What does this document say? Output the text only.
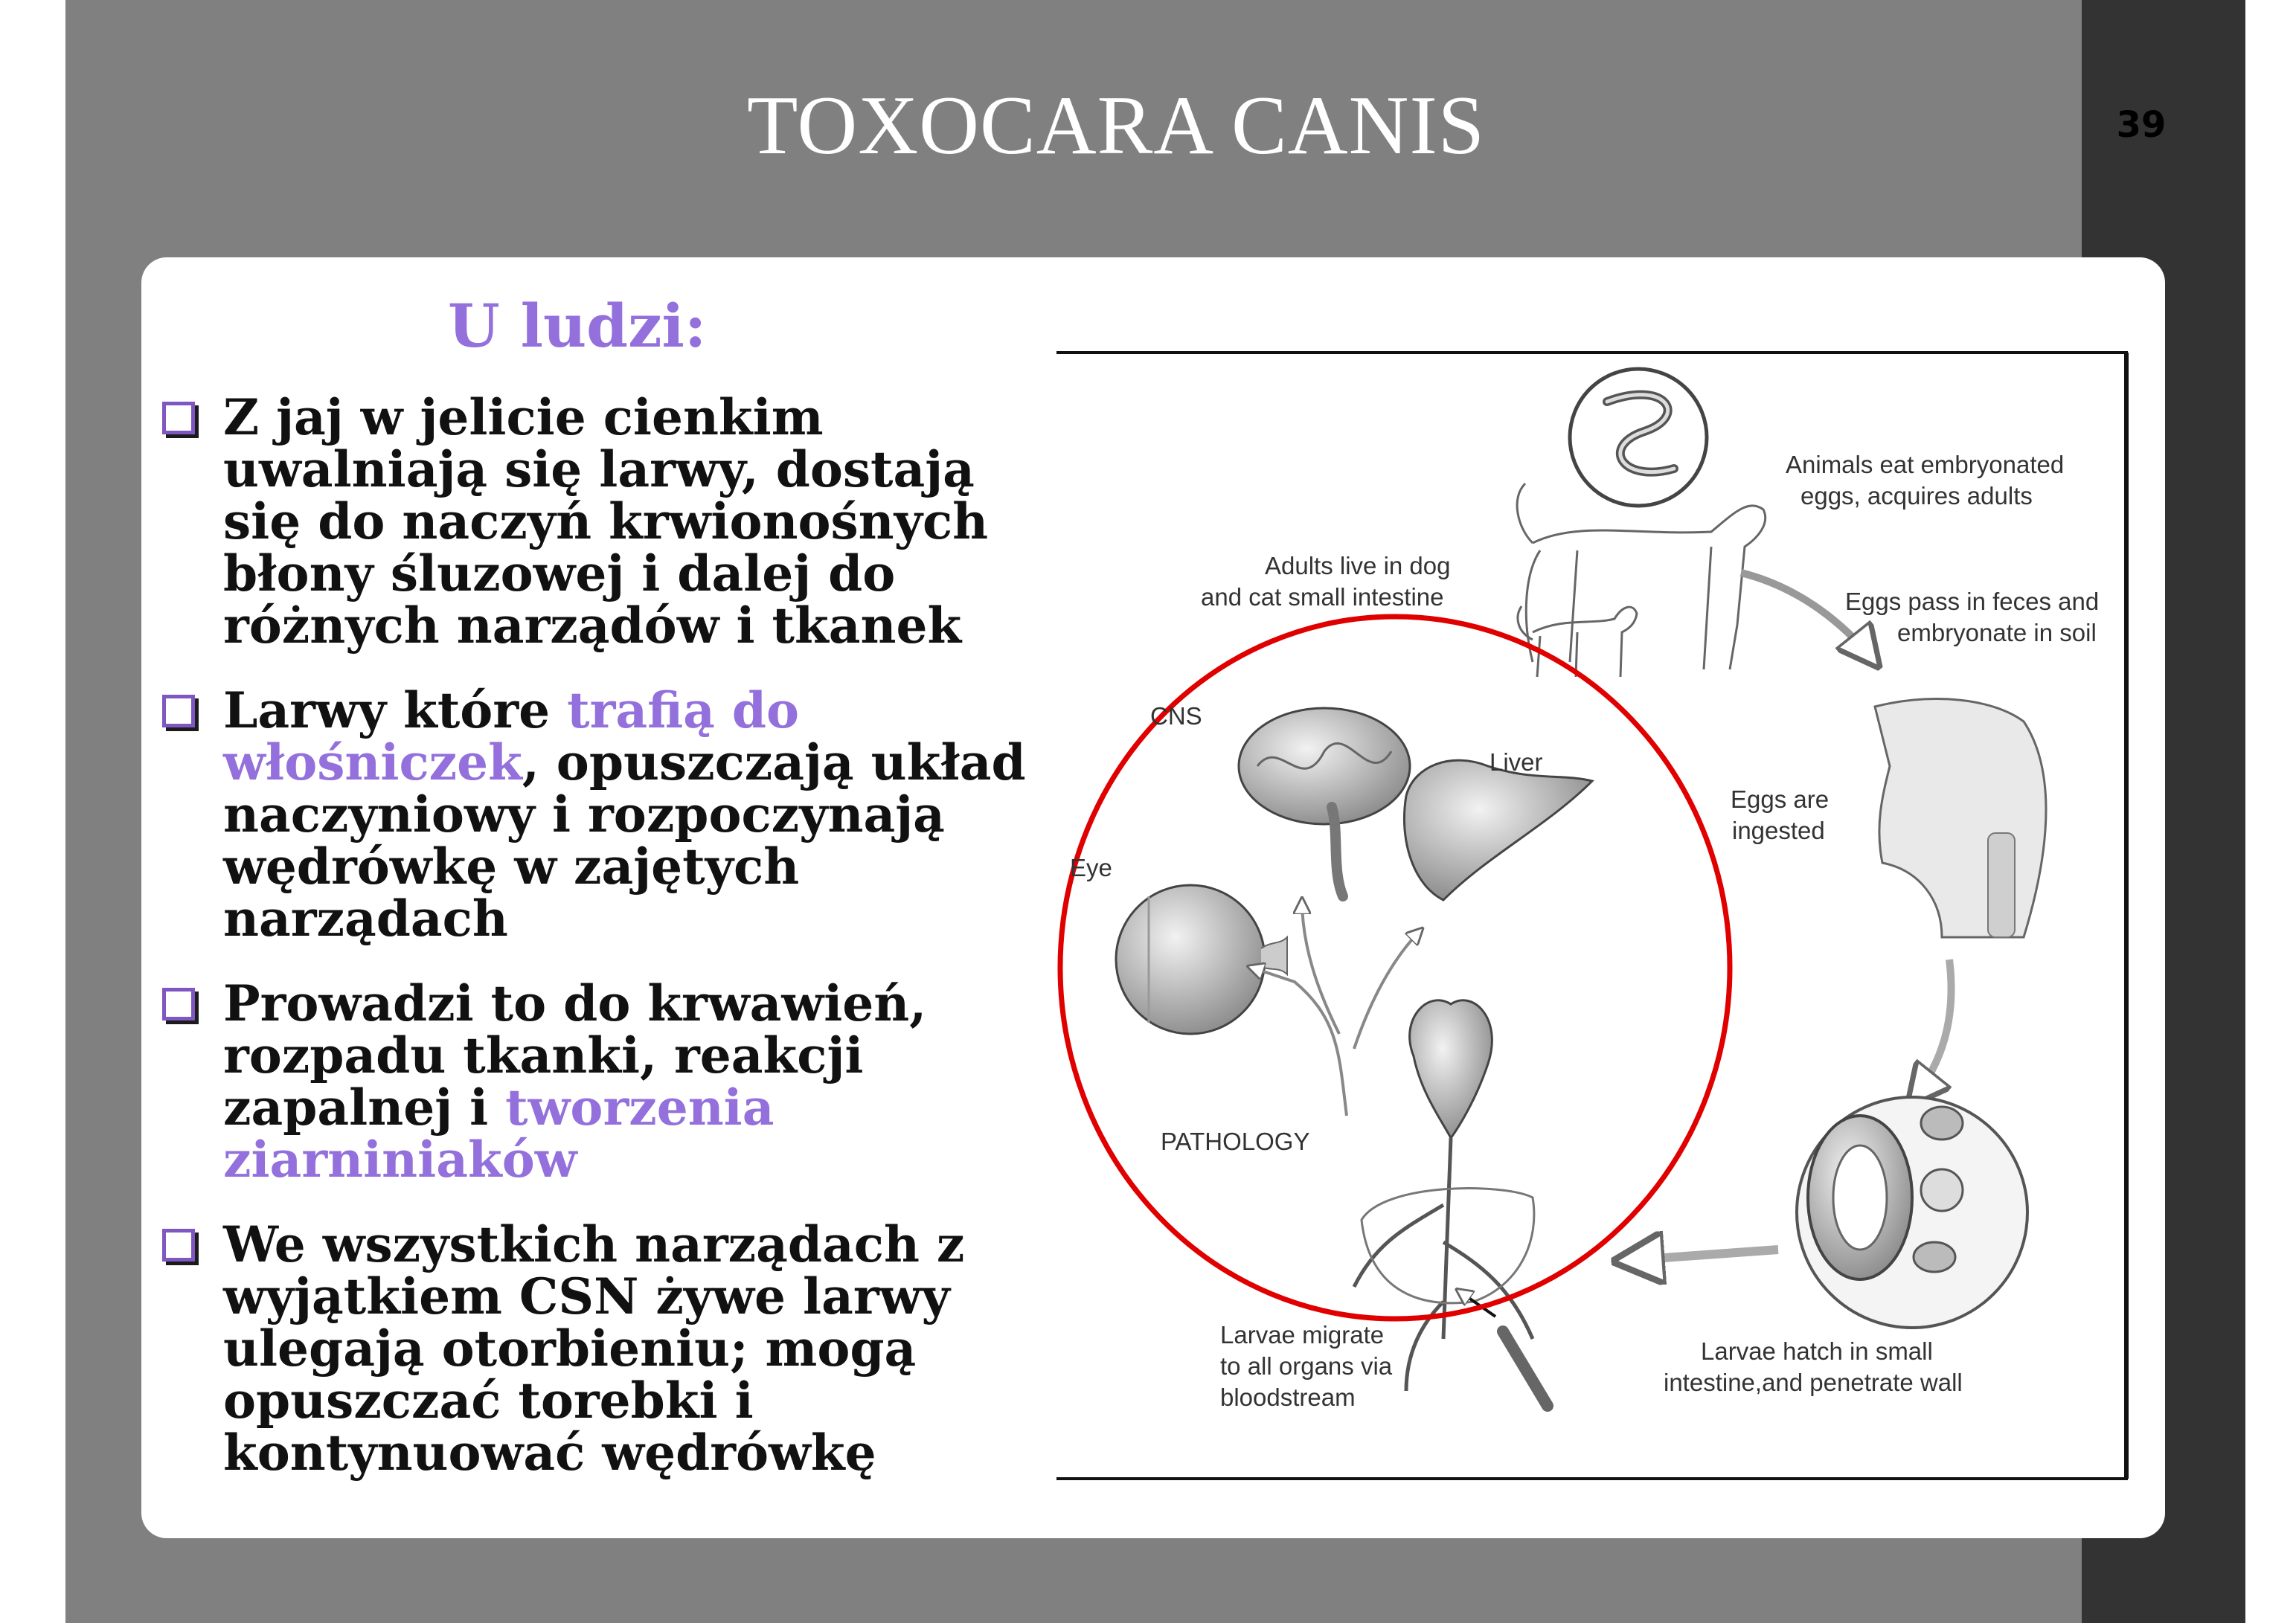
TOXOCARA CANIS	39
U ludzi:
Z jaj w jelicie cienkim uwalniają się larwy, dostają się do naczyń krwionośnych błony śluzowej i dalej do różnych narządów i tkanek
Larwy które trafią do włośniczek, opuszczają układ naczyniowy i rozpoczynają wędrówkę w zajętych narządach
Prowadzi to do krwawień, rozpadu tkanki, reakcji zapalnej i tworzenia ziarniniaków
We wszystkich narządach z wyjątkiem CSN żywe larwy ulegają otorbieniu; mogą opuszczać torebki i kontynuować wędrówkę
Animals eat embryonated
eggs, acquires adults
Adults live in dog
and cat small intestine	Eggs pass in feces and
embryonate in soil
Eggs are
ingested
Larvae hatch in small
intestine,and penetrate wall
Larvae migrate
to all organs via
bloodstream
CNS
Liver
Eye
PATHOLOGY
